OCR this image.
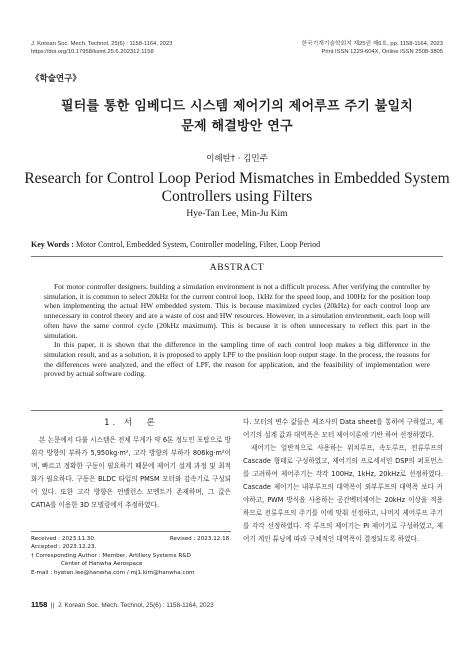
J. Korean Soc. Mech. Technol, 25(6) : 1158-1164, 2023
https://doi.org/10.17958/ksmt.25.6.202312.1158
한국기계기술학회지 제25권 제6호, pp. 1158-1164, 2023
Print ISSN 1229-604X, Online ISSN 2508-3805
《학술연구》
필터를 통한 임베디드 시스템 제어기의 제어루프 주기 불일치
문제 해결방안 연구
이혜탄† · 김민주
Research for Control Loop Period Mismatches in Embedded System
Controllers using Filters
Hye-Tan Lee, Min-Ju Kim
Key Words : Motor Control, Embedded System, Controller modeling, Filter, Loop Period
ABSTRACT

For motor controller designers, building a simulation environment is not a difficult process. After verifying the controller by simulation, it is common to select 20kHz for the current control loop, 1kHz for the speed loop, and 100Hz for the position loop when implementing the actual HW embedded system. This is because maximized cycles (20kHz) for each control loop are unnecessary in control theory and are a waste of cost and HW resources. However, in a simulation environment, each loop will often have the same control cycle (20kHz maximum). This is because it is often unnecessary to reflect this part in the simulation.

In this paper, it is shown that the difference in the sampling time of each control loop makes a big difference in the simulation result, and as a solution, it is proposed to apply LPF to the position loop output stage. In the process, the reasons for the differences were analyzed, and the effect of LPF, the reason for application, and the feasibility of implementation were proved by actual software coding.

1. 서　론

본 논문에서 다룰 시스템은 전체 무게가 약 6톤 정도인 포탑으로 방위각 방향의 부하가 5,950kg·m², 고각 방향의 부하가 806kg·m²이며, 빠르고 정확한 구동이 필요하기 때문에 제어기 설계 과정 및 최적화가 필요하다. 구동은 BLDC 타입의 PMSM 모터와 감속기로 구성되어 있다. 또한 고각 방향은 언밸런스 모멘트가 존재하며, 그 값은 CATIA를 이용한 3D 모델링에서 추정하였다.

다. 모터의 변수 값들은 제조사의 Data sheet를 통하여 구하였고, 제어기의 설계 값과 대역폭은 모터 제어이론에 기반 하여 선정하였다.

제어기는 일반적으로 사용하는 위치루프, 속도루프, 전류루프의 Cascade 형태로 구성하였고, 제어기의 프로세서인 DSP의 퍼포먼스를 고려하여 제어주기는 각각 100Hz, 1kHz, 20kHz로 선정하였다. Cascade 제어기는 내부루프의 대역폭이 외부루프의 대역폭 보다 커야하고, PWM 방식을 사용하는 공간벡터제어는 20kHz 이상을 적용하므로 전류루프의 주기를 이에 맞춰 선정하고, 나머지 제어루프 주기를 각각 선정하였다. 각 루프의 제어기는 PI 제어기로 구성하였고, 제어기 게인 튜닝에 따라 구체적인 대역폭이 결정되도록 하였다.

Received : 2023.11.30.	Revised : 2023.12.18.
Accepted : 2023.12.23.
† Corresponding Author : Member, Artillery Systems R&D
Center of Hanwha Aerospace
E-mail : hyetan.lee@hanwha.com / mj1.kim@hanwha.com
1158  ||  J. Korean Soc. Mech. Technol, 25(6) : 1158-1164, 2023
